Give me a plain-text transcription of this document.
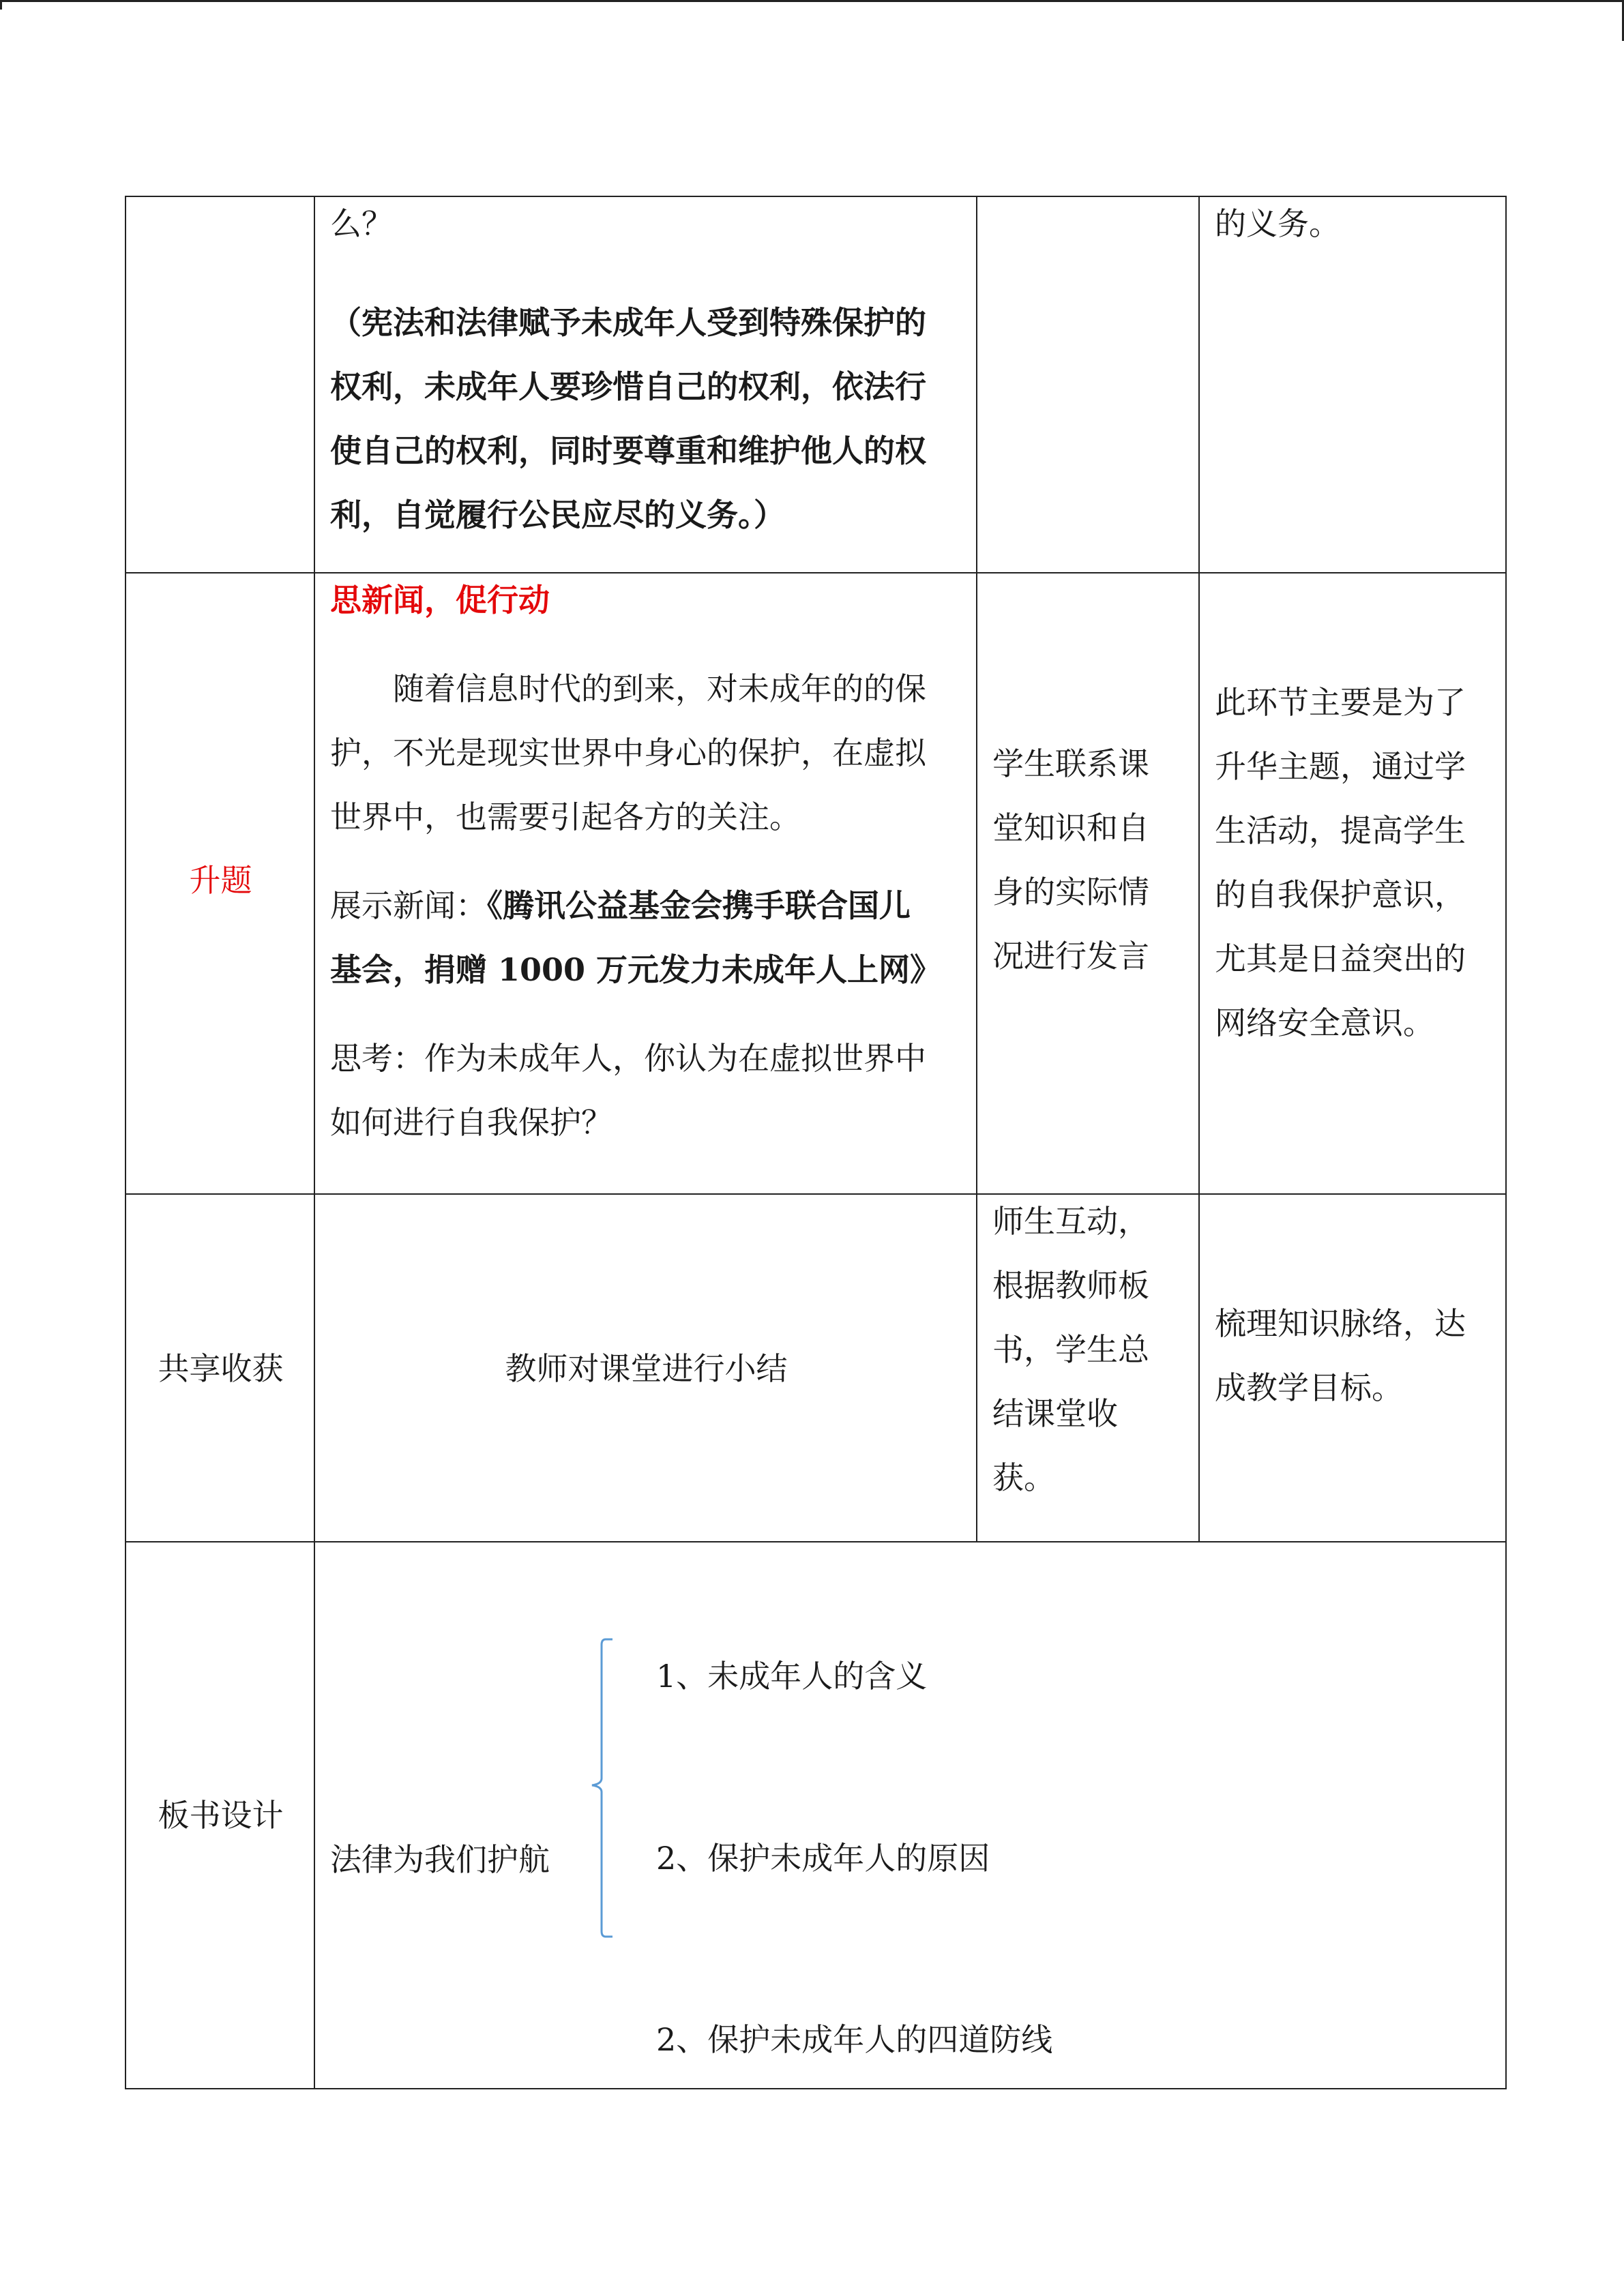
么？
（宪法和法律赋予未成年人受到特殊保护的
权利，未成年人要珍惜自己的权利，依法行
使自己的权利，同时要尊重和维护他人的权
利，自觉履行公民应尽的义务。）
的义务。
升题
思新闻，促行动
随着信息时代的到来，对未成年的的保
护，不光是现实世界中身心的保护，在虚拟
世界中，也需要引起各方的关注。
展示新闻：《腾讯公益基金会携手联合国儿
基会，捐赠 1000 万元发力未成年人上网》
思考：作为未成年人，你认为在虚拟世界中
如何进行自我保护？
学生联系课
堂知识和自
身的实际情
况进行发言
此环节主要是为了
升华主题，通过学
生活动，提高学生
的自我保护意识，
尤其是日益突出的
网络安全意识。
共享收获	教师对课堂进行小结
师生互动，
根据教师板
书，学生总
结课堂收
获。
梳理知识脉络，达
成教学目标。
板书设计
法律为我们护航
1、未成年人的含义
2、保护未成年人的原因
2、保护未成年人的四道防线
